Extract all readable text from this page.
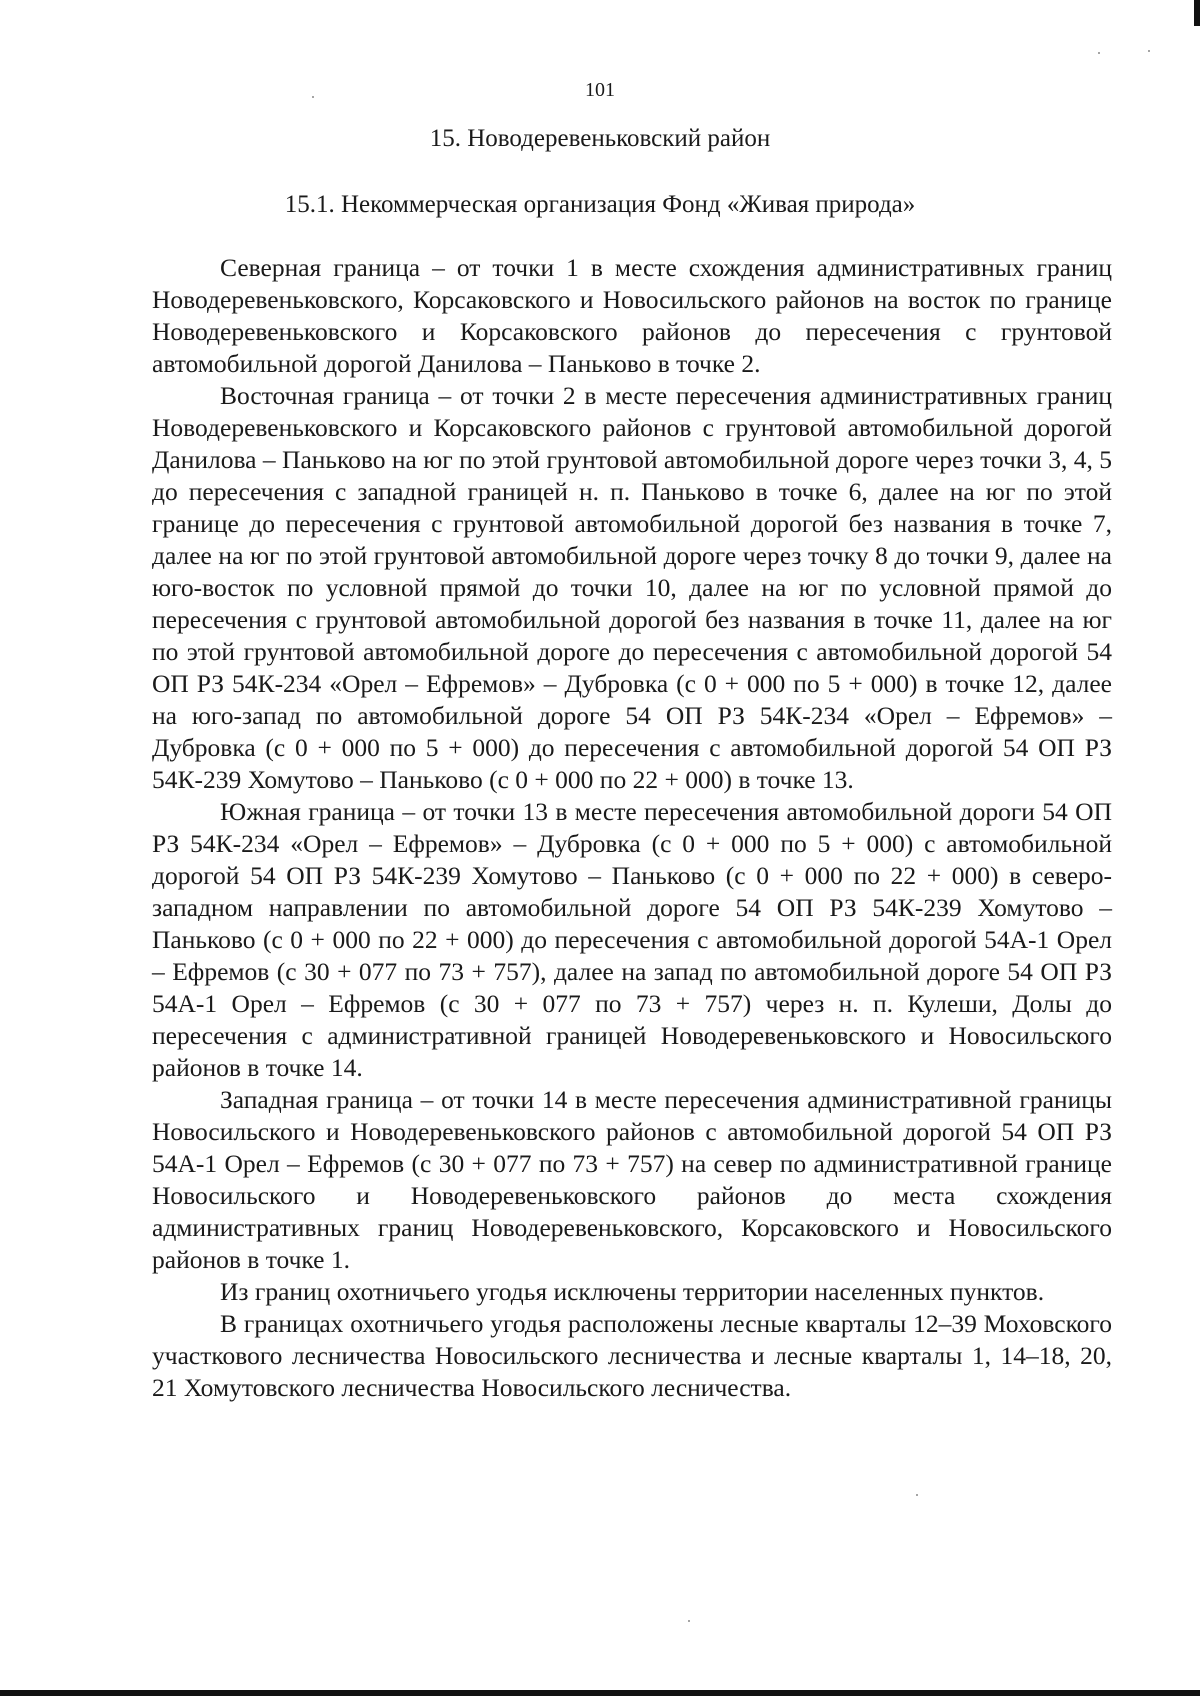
101
15. Новодеревеньковский район
15.1. Некоммерческая организация Фонд «Живая природа»

Северная граница – от точки 1 в месте схождения административных границ Новодеревеньковского, Корсаковского и Новосильского районов на восток по границе Новодеревеньковского и Корсаковского районов до пересечения с грунтовой автомобильной дорогой Данилова – Паньково в точке 2.

Восточная граница – от точки 2 в месте пересечения административных границ Новодеревеньковского и Корсаковского районов с грунтовой автомобильной дорогой Данилова – Паньково на юг по этой грунтовой автомобильной дороге через точки 3, 4, 5 до пересечения с западной границей н. п. Паньково в точке 6, далее на юг по этой границе до пересечения с грунтовой автомобильной дорогой без названия в точке 7, далее на юг по этой грунтовой автомобильной дороге через точку 8 до точки 9, далее на юго-восток по условной прямой до точки 10, далее на юг по условной прямой до пересечения с грунтовой автомобильной дорогой без названия в точке 11, далее на юг по этой грунтовой автомобильной дороге до пересечения с автомобильной дорогой 54 ОП РЗ 54К-234 «Орел – Ефремов» – Дубровка (с 0 + 000 по 5 + 000) в точке 12, далее на юго-запад по автомобильной дороге 54 ОП РЗ 54К-234 «Орел – Ефремов» – Дубровка (с 0 + 000 по 5 + 000) до пересечения с автомобильной дорогой 54 ОП РЗ 54К-239 Хомутово – Паньково (с 0 + 000 по 22 + 000) в точке 13.

Южная граница – от точки 13 в месте пересечения автомобильной дороги 54 ОП РЗ 54К-234 «Орел – Ефремов» – Дубровка (с 0 + 000 по 5 + 000) с автомобильной дорогой 54 ОП РЗ 54К-239 Хомутово – Паньково (с 0 + 000 по 22 + 000) в северо-западном направлении по автомобильной дороге 54 ОП РЗ 54К-239 Хомутово – Паньково (с 0 + 000 по 22 + 000) до пересечения с автомобильной дорогой 54А-1 Орел – Ефремов (с 30 + 077 по 73 + 757), далее на запад по автомобильной дороге 54 ОП РЗ 54А-1 Орел – Ефремов (с 30 + 077 по 73 + 757) через н. п. Кулеши, Долы до пересечения с административной границей Новодеревеньковского и Новосильского районов в точке 14.

Западная граница – от точки 14 в месте пересечения административной границы Новосильского и Новодеревеньковского районов с автомобильной дорогой 54 ОП РЗ 54А-1 Орел – Ефремов (с 30 + 077 по 73 + 757) на север по административной границе Новосильского и Новодеревеньковского районов до места схождения административных границ Новодеревеньковского, Корсаковского и Новосильского районов в точке 1.

Из границ охотничьего угодья исключены территории населенных пунктов.

В границах охотничьего угодья расположены лесные кварталы 12–39 Моховского участкового лесничества Новосильского лесничества и лесные кварталы 1, 14–18, 20, 21 Хомутовского лесничества Новосильского лесничества.
